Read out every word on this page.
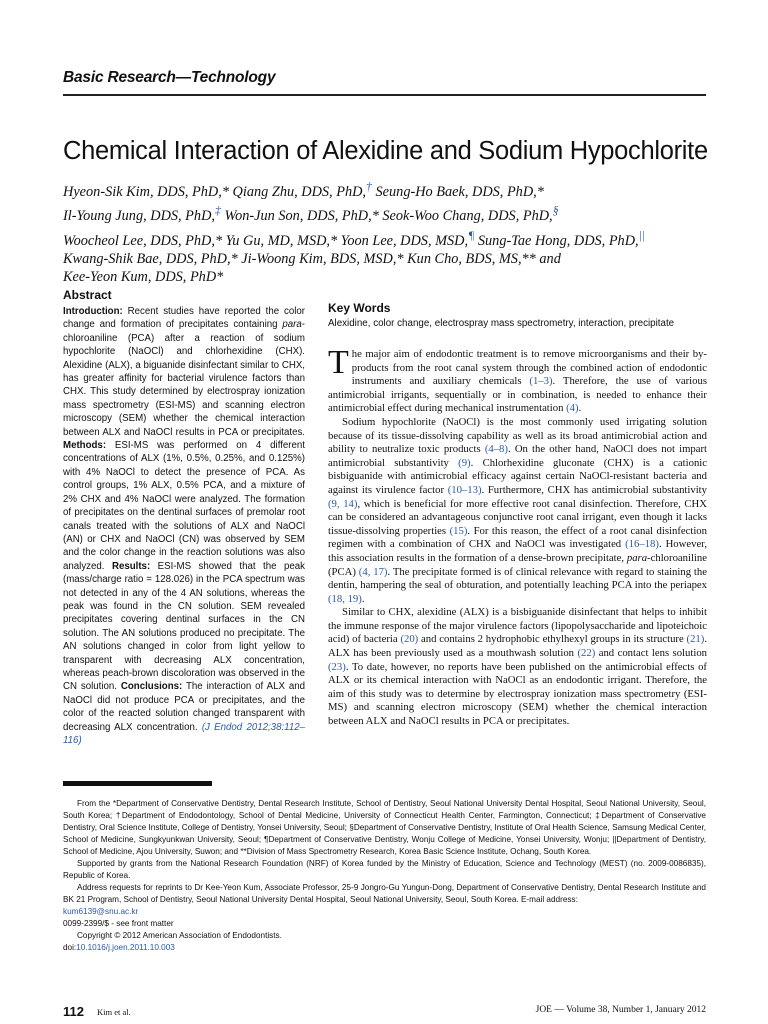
Basic Research—Technology
Chemical Interaction of Alexidine and Sodium Hypochlorite
Hyeon-Sik Kim, DDS, PhD,* Qiang Zhu, DDS, PhD,† Seung-Ho Baek, DDS, PhD,*
Il-Young Jung, DDS, PhD,‡ Won-Jun Son, DDS, PhD,* Seok-Woo Chang, DDS, PhD,§
Woocheol Lee, DDS, PhD,* Yu Gu, MD, MSD,* Yoon Lee, DDS, MSD,¶ Sung-Tae Hong, DDS, PhD,||
Kwang-Shik Bae, DDS, PhD,* Ji-Woong Kim, BDS, MSD,* Kun Cho, BDS, MS,** and
Kee-Yeon Kum, DDS, PhD*
Abstract
Introduction: Recent studies have reported the color change and formation of precipitates containing para-chloroaniline (PCA) after a reaction of sodium hypochlorite (NaOCl) and chlorhexidine (CHX). Alexidine (ALX), a biguanide disinfectant similar to CHX, has greater affinity for bacterial virulence factors than CHX. This study determined by electrospray ionization mass spectrometry (ESI-MS) and scanning electron microscopy (SEM) whether the chemical interaction between ALX and NaOCl results in PCA or precipitates. Methods: ESI-MS was performed on 4 different concentrations of ALX (1%, 0.5%, 0.25%, and 0.125%) with 4% NaOCl to detect the presence of PCA. As control groups, 1% ALX, 0.5% PCA, and a mixture of 2% CHX and 4% NaOCl were analyzed. The formation of precipitates on the dentinal surfaces of premolar root canals treated with the solutions of ALX and NaOCl (AN) or CHX and NaOCl (CN) was observed by SEM and the color change in the reaction solutions was also analyzed. Results: ESI-MS showed that the peak (mass/charge ratio = 128.026) in the PCA spectrum was not detected in any of the 4 AN solutions, whereas the peak was found in the CN solution. SEM revealed precipitates covering dentinal surfaces in the CN solution. The AN solutions produced no precipitate. The AN solutions changed in color from light yellow to transparent with decreasing ALX concentration, whereas peach-brown discoloration was observed in the CN solution. Conclusions: The interaction of ALX and NaOCl did not produce PCA or precipitates, and the color of the reacted solution changed transparent with decreasing ALX concentration. (J Endod 2012;38:112–116)
Key Words
Alexidine, color change, electrospray mass spectrometry, interaction, precipitate

The major aim of endodontic treatment is to remove microorganisms and their by-products from the root canal system through the combined action of endodontic instruments and auxiliary chemicals (1–3). Therefore, the use of various antimicrobial irrigants, sequentially or in combination, is needed to enhance their antimicrobial effect during mechanical instrumentation (4).

Sodium hypochlorite (NaOCl) is the most commonly used irrigating solution because of its tissue-dissolving capability as well as its broad antimicrobial action and ability to neutralize toxic products (4–8). On the other hand, NaOCl does not impart antimicrobial substantivity (9). Chlorhexidine gluconate (CHX) is a cationic bisbiguanide with antimicrobial efficacy against certain NaOCl-resistant bacteria and against its virulence factor (10–13). Furthermore, CHX has antimicrobial substantivity (9, 14), which is beneficial for more effective root canal disinfection. Therefore, CHX can be considered an advantageous conjunctive root canal irrigant, even though it lacks tissue-dissolving properties (15). For this reason, the effect of a root canal disinfection regimen with a combination of CHX and NaOCl was investigated (16–18). However, this association results in the formation of a dense-brown precipitate, para-chloroaniline (PCA) (4, 17). The precipitate formed is of clinical relevance with regard to staining the dentin, hampering the seal of obturation, and potentially leaching PCA into the periapex (18, 19).

Similar to CHX, alexidine (ALX) is a bisbiguanide disinfectant that helps to inhibit the immune response of the major virulence factors (lipopolysaccharide and lipoteichoic acid) of bacteria (20) and contains 2 hydrophobic ethylhexyl groups in its structure (21). ALX has been previously used as a mouthwash solution (22) and contact lens solution (23). To date, however, no reports have been published on the antimicrobial effects of ALX or its chemical interaction with NaOCl as an endodontic irrigant. Therefore, the aim of this study was to determine by electrospray ionization mass spectrometry (ESI-MS) and scanning electron microscopy (SEM) whether the chemical interaction between ALX and NaOCl results in PCA or precipitates.

From the *Department of Conservative Dentistry, Dental Research Institute, School of Dentistry, Seoul National University Dental Hospital, Seoul National University, Seoul, South Korea; †Department of Endodontology, School of Dental Medicine, University of Connecticut Health Center, Farmington, Connecticut; ‡Department of Conservative Dentistry, Oral Science Institute, College of Dentistry, Yonsei University, Seoul; §Department of Conservative Dentistry, Institute of Oral Health Science, Samsung Medical Center, School of Medicine, Sungkyunkwan University, Seoul; ¶Department of Conservative Dentistry, Wonju College of Medicine, Yonsei University, Wonju; ||Department of Dentistry, School of Medicine, Ajou University, Suwon; and **Division of Mass Spectrometry Research, Korea Basic Science Institute, Ochang, South Korea.

Supported by grants from the National Research Foundation (NRF) of Korea funded by the Ministry of Education, Science and Technology (MEST) (no. 2009-0086835), Republic of Korea.

Address requests for reprints to Dr Kee-Yeon Kum, Associate Professor, 25-9 Jongro-Gu Yungun-Dong, Department of Conservative Dentistry, Dental Research Institute and BK 21 Program, School of Dentistry, Seoul National University Dental Hospital, Seoul National University, Seoul, South Korea. E-mail address:

kum6139@snu.ac.kr

0099-2399/$ - see front matter

Copyright © 2012 American Association of Endodontists.

doi:10.1016/j.joen.2011.10.003

112 Kim et al.	JOE — Volume 38, Number 1, January 2012
